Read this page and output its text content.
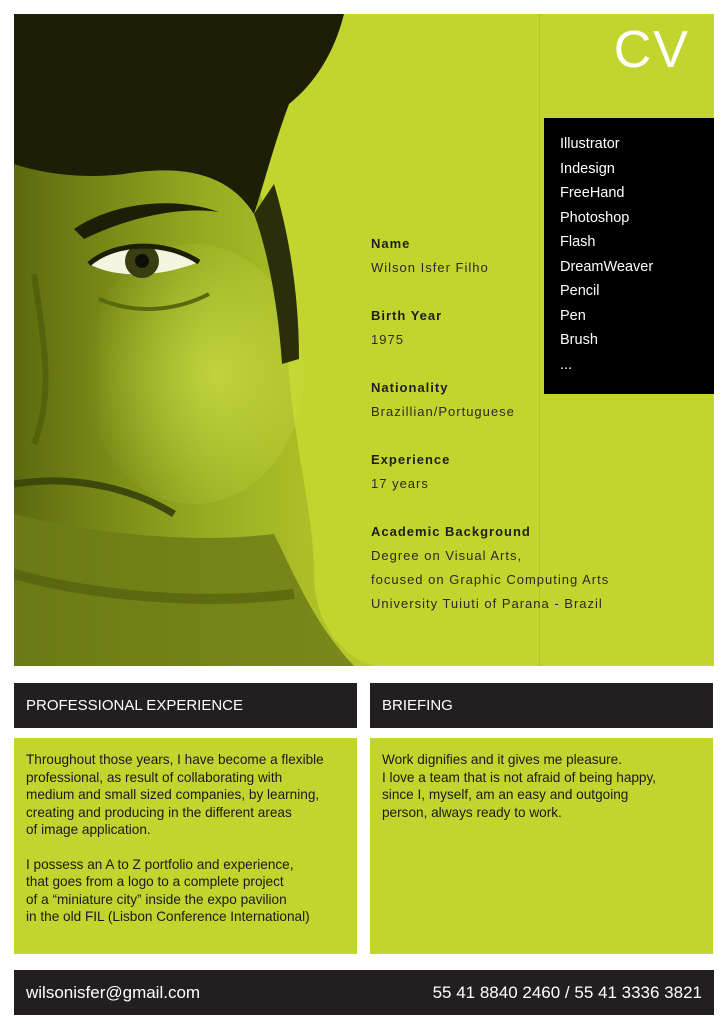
CV
Illustrator
Indesign
FreeHand
Photoshop
Flash
DreamWeaver
Pencil
Pen
Brush
...
Name
Wilson Isfer Filho
Birth Year
1975
Nationality
Brazillian/Portuguese
Experience
17 years
Academic Background
Degree on Visual Arts,
focused on Graphic Computing Arts
University Tuiuti of Parana - Brazil
PROFESSIONAL EXPERIENCE	BRIEFING
Throughout those years, I have become a flexible
professional, as result of collaborating with
medium and small sized companies, by learning,
creating and producing in the different areas
of image application.
I possess an A to Z portfolio and experience,
that goes from a logo to a complete project
of a “miniature city” inside the expo pavilion
in the old FIL (Lisbon Conference International)
Work dignifies and it gives me pleasure.
I love a team that is not afraid of being happy,
since I, myself, am an easy and outgoing
person, always ready to work.
wilsonisfer@gmail.com	55 41 8840 2460 / 55 41 3336 3821
